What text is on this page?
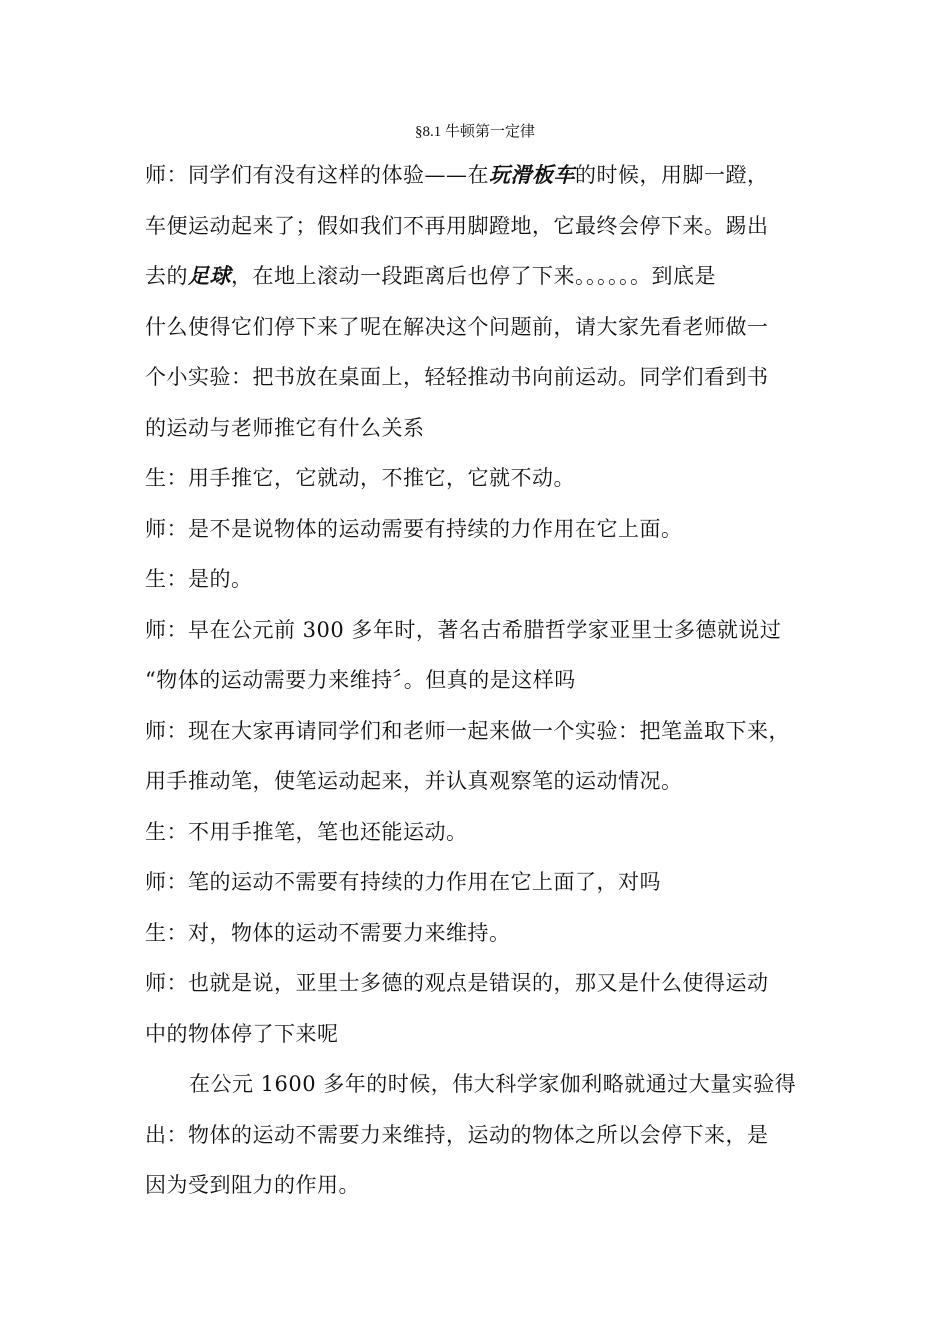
§8.1 牛顿第一定律
师：同学们有没有这样的体验——在玩滑板车的时候，用脚一蹬，
车便运动起来了；假如我们不再用脚蹬地，它最终会停下来。踢出
去的足球，在地上滚动一段距离后也停了下来。。。。。。到底是
什么使得它们停下来了呢在解决这个问题前，请大家先看老师做一
个小实验：把书放在桌面上，轻轻推动书向前运动。同学们看到书
的运动与老师推它有什么关系
生：用手推它，它就动，不推它，它就不动。
师：是不是说物体的运动需要有持续的力作用在它上面。
生：是的。
师：早在公元前 300 多年时，著名古希腊哲学家亚里士多德就说过
“物体的运动需要力来维持〞。但真的是这样吗
师：现在大家再请同学们和老师一起来做一个实验：把笔盖取下来，
用手推动笔，使笔运动起来，并认真观察笔的运动情况。
生：不用手推笔，笔也还能运动。
师：笔的运动不需要有持续的力作用在它上面了，对吗
生：对，物体的运动不需要力来维持。
师：也就是说，亚里士多德的观点是错误的，那又是什么使得运动
中的物体停了下来呢
在公元 1600 多年的时候，伟大科学家伽利略就通过大量实验得
出：物体的运动不需要力来维持，运动的物体之所以会停下来，是
因为受到阻力的作用。
